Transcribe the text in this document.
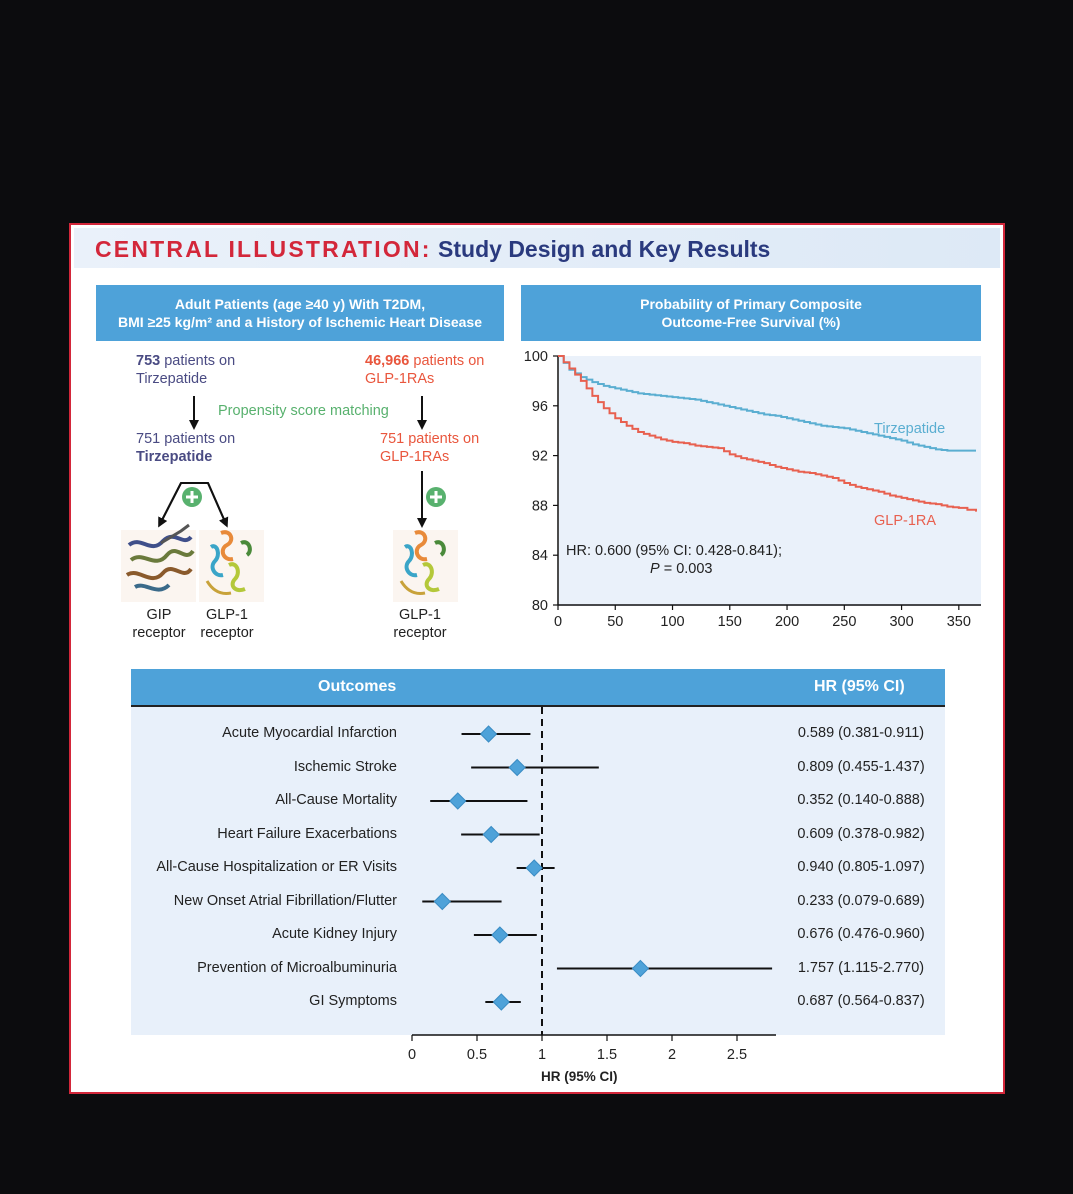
CENTRAL ILLUSTRATION: Study Design and Key Results
Adult Patients (age ≥40 y) With T2DM,
BMI ≥25 kg/m² and a History of Ischemic Heart Disease
Probability of Primary Composite
Outcome-Free Survival (%)
753 patients on
Tirzepatide
46,966 patients on
GLP-1RAs
Propensity score matching
751 patients on
Tirzepatide
751 patients on
GLP-1RAs
GIP
receptor
GLP-1
receptor
GLP-1
receptor
Tirzepatide
GLP-1RA
HR: 0.600 (95% CI: 0.428-0.841);
P = 0.003
Outcomes	HR (95% CI)
Acute Myocardial Infarction	0.589 (0.381-0.911)
Ischemic Stroke	0.809 (0.455-1.437)
All-Cause Mortality	0.352 (0.140-0.888)
Heart Failure Exacerbations	0.609 (0.378-0.982)
All-Cause Hospitalization or ER Visits	0.940 (0.805-1.097)
New Onset Atrial Fibrillation/Flutter	0.233 (0.079-0.689)
Acute Kidney Injury	0.676 (0.476-0.960)
Prevention of Microalbuminuria	1.757 (1.115-2.770)
GI Symptoms	0.687 (0.564-0.837)
HR (95% CI)
80
84
88
92
96
100
0	50	100 150 200 250 300 350
0	0.5	1	1.5	2	2.5
